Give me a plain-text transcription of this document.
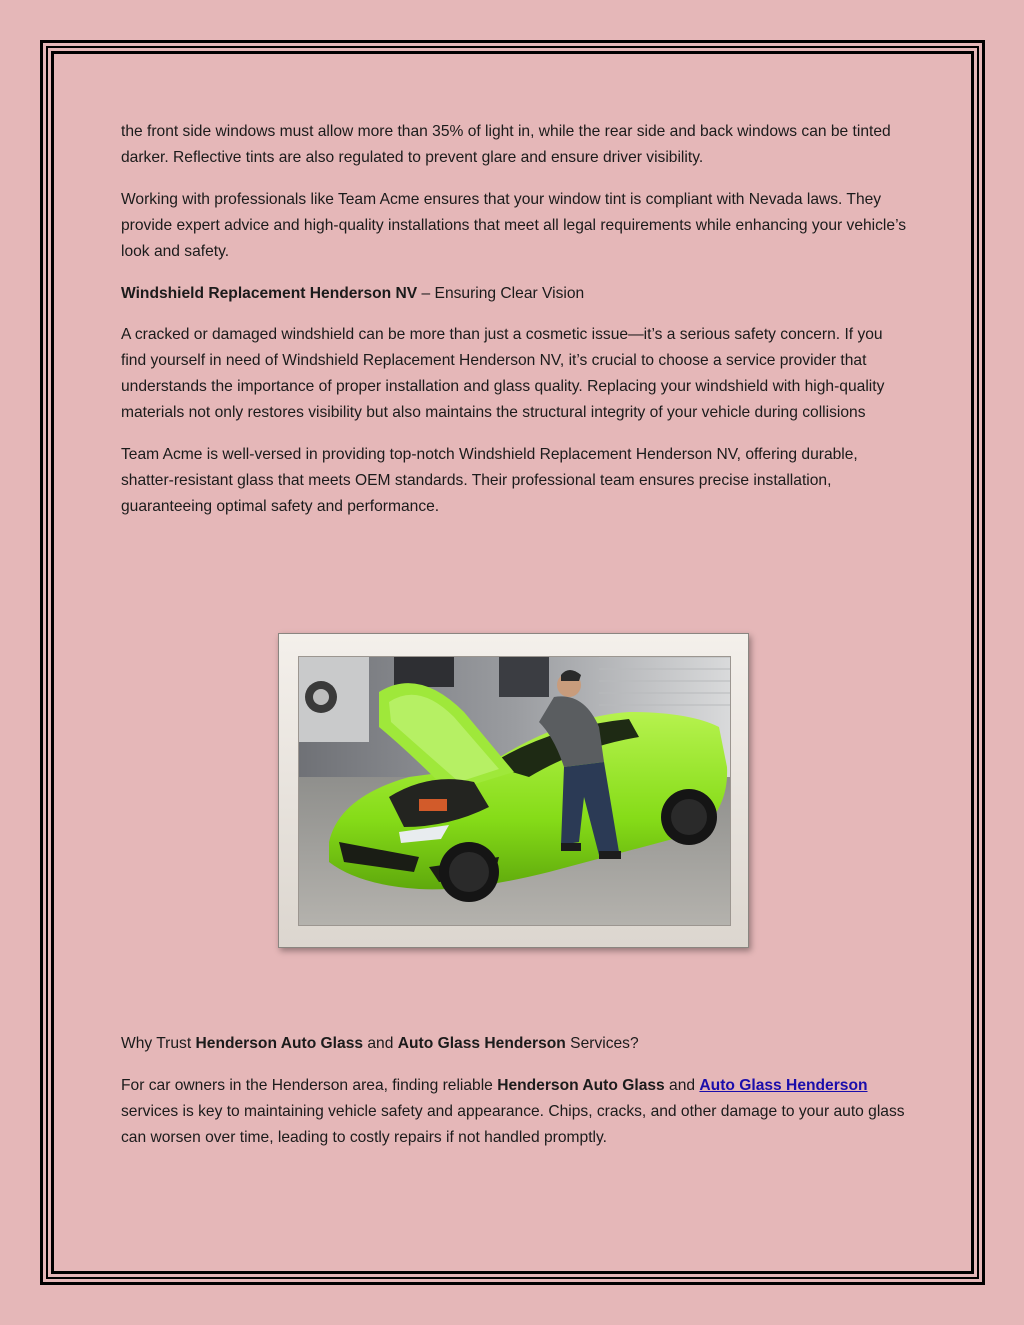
the front side windows must allow more than 35% of light in, while the rear side and back windows can be tinted darker. Reflective tints are also regulated to prevent glare and ensure driver visibility.

Working with professionals like Team Acme ensures that your window tint is compliant with Nevada laws. They provide expert advice and high-quality installations that meet all legal requirements while enhancing your vehicle’s look and safety.

Windshield Replacement Henderson NV – Ensuring Clear Vision

A cracked or damaged windshield can be more than just a cosmetic issue—it’s a serious safety concern. If you find yourself in need of Windshield Replacement Henderson NV, it’s crucial to choose a service provider that understands the importance of proper installation and glass quality. Replacing your windshield with high-quality materials not only restores visibility but also maintains the structural integrity of your vehicle during collisions

Team Acme is well-versed in providing top-notch Windshield Replacement Henderson NV, offering durable, shatter-resistant glass that meets OEM standards. Their professional team ensures precise installation, guaranteeing optimal safety and performance.

Why Trust Henderson Auto Glass and Auto Glass Henderson Services?

For car owners in the Henderson area, finding reliable Henderson Auto Glass and Auto Glass Henderson services is key to maintaining vehicle safety and appearance. Chips, cracks, and other damage to your auto glass can worsen over time, leading to costly repairs if not handled promptly.
